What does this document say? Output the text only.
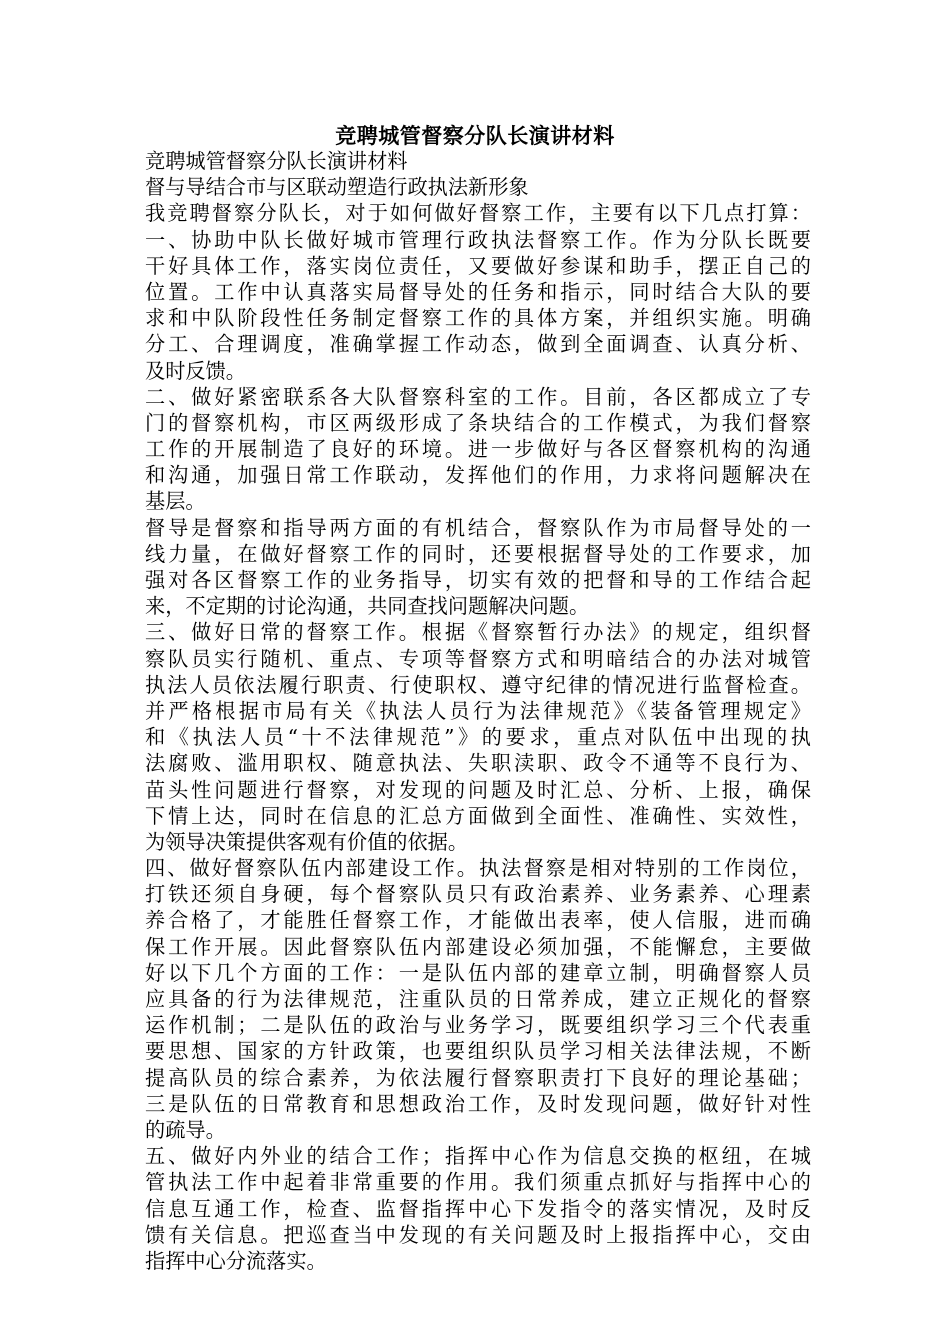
竞聘城管督察分队长演讲材料
竞聘城管督察分队长演讲材料
督与导结合市与区联动塑造行政执法新形象
我竞聘督察分队长，对于如何做好督察工作，主要有以下几点打算：
一、协助中队长做好城市管理行政执法督察工作。作为分队长既要
干好具体工作，落实岗位责任，又要做好参谋和助手，摆正自己的
位置。工作中认真落实局督导处的任务和指示，同时结合大队的要
求和中队阶段性任务制定督察工作的具体方案，并组织实施。明确
分工、合理调度，准确掌握工作动态，做到全面调查、认真分析、
及时反馈。
二、做好紧密联系各大队督察科室的工作。目前，各区都成立了专
门的督察机构，市区两级形成了条块结合的工作模式，为我们督察
工作的开展制造了良好的环境。进一步做好与各区督察机构的沟通
和沟通，加强日常工作联动，发挥他们的作用，力求将问题解决在
基层。
督导是督察和指导两方面的有机结合，督察队作为市局督导处的一
线力量，在做好督察工作的同时，还要根据督导处的工作要求，加
强对各区督察工作的业务指导，切实有效的把督和导的工作结合起
来，不定期的讨论沟通，共同查找问题解决问题。
三、做好日常的督察工作。根据《督察暂行办法》的规定，组织督
察队员实行随机、重点、专项等督察方式和明暗结合的办法对城管
执法人员依法履行职责、行使职权、遵守纪律的情况进行监督检查。
并严格根据市局有关《执法人员行为法律规范》《装备管理规定》
和《执法人员“十不法律规范”》的要求，重点对队伍中出现的执
法腐败、滥用职权、随意执法、失职渎职、政令不通等不良行为、
苗头性问题进行督察，对发现的问题及时汇总、分析、上报，确保
下情上达，同时在信息的汇总方面做到全面性、准确性、实效性，
为领导决策提供客观有价值的依据。
四、做好督察队伍内部建设工作。执法督察是相对特别的工作岗位，
打铁还须自身硬，每个督察队员只有政治素养、业务素养、心理素
养合格了，才能胜任督察工作，才能做出表率，使人信服，进而确
保工作开展。因此督察队伍内部建设必须加强，不能懈怠，主要做
好以下几个方面的工作：一是队伍内部的建章立制，明确督察人员
应具备的行为法律规范，注重队员的日常养成，建立正规化的督察
运作机制；二是队伍的政治与业务学习，既要组织学习三个代表重
要思想、国家的方针政策，也要组织队员学习相关法律法规，不断
提高队员的综合素养，为依法履行督察职责打下良好的理论基础；
三是队伍的日常教育和思想政治工作，及时发现问题，做好针对性
的疏导。
五、做好内外业的结合工作；指挥中心作为信息交换的枢纽，在城
管执法工作中起着非常重要的作用。我们须重点抓好与指挥中心的
信息互通工作，检查、监督指挥中心下发指令的落实情况，及时反
馈有关信息。把巡查当中发现的有关问题及时上报指挥中心，交由
指挥中心分流落实。
